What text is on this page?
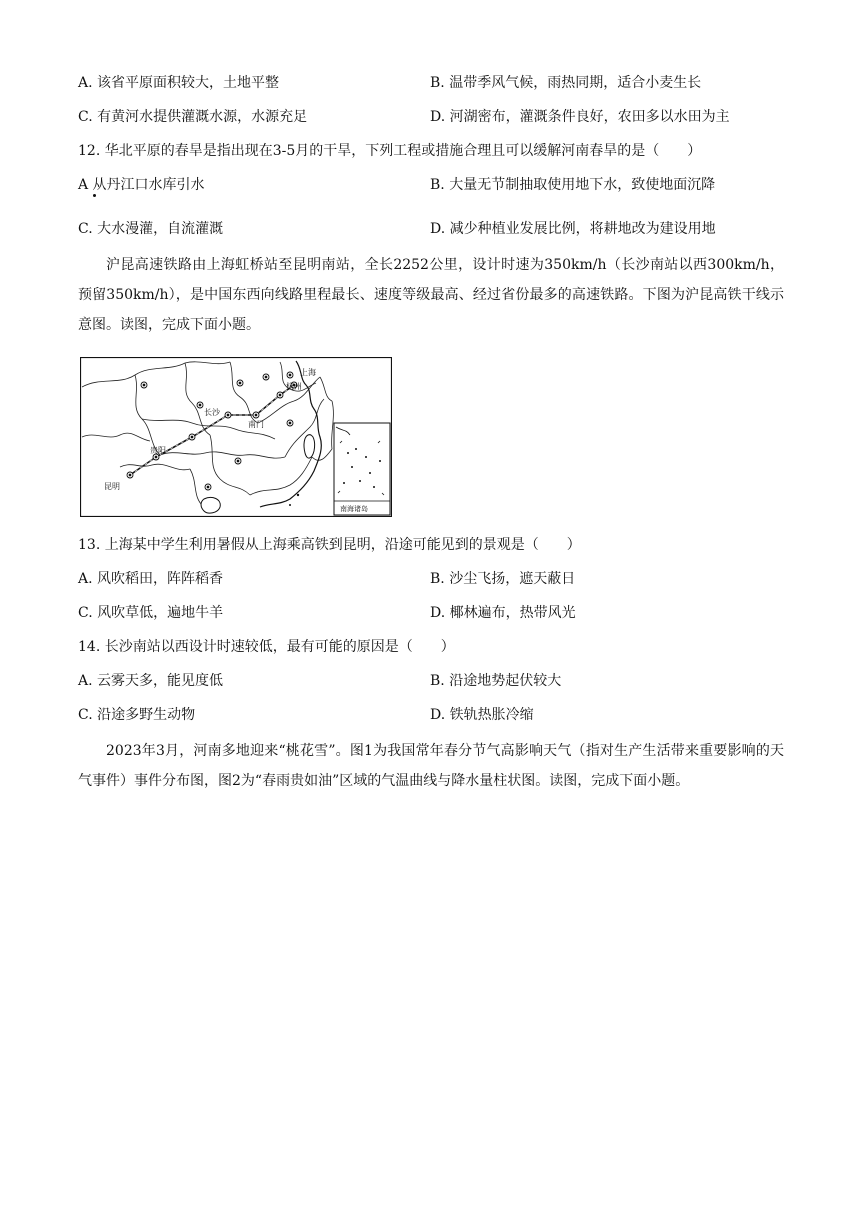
A. 该省平原面积较大，土地平整	B. 温带季风气候，雨热同期，适合小麦生长
C. 有黄河水提供灌溉水源，水源充足	D. 河湖密布，灌溉条件良好，农田多以水田为主
12. 华北平原的春旱是指出现在3-5月的干旱，下列工程或措施合理且可以缓解河南春旱的是（　　）
A 从丹江口水库引水	B. 大量无节制抽取使用地下水，致使地面沉降
C. 大水漫灌，自流灌溉	D. 减少种植业发展比例，将耕地改为建设用地
沪昆高速铁路由上海虹桥站至昆明南站，全长2252公里，设计时速为350km/h（长沙南站以西300km/h，预留350km/h），是中国东西向线路里程最长、速度等级最高、经过省份最多的高速铁路。下图为沪昆高铁干线示意图。读图，完成下面小题。
上海
杭州
长沙
南门
贵阳
昆明
南海诸岛
13. 上海某中学生利用暑假从上海乘高铁到昆明，沿途可能见到的景观是（　　）
A. 风吹稻田，阵阵稻香	B. 沙尘飞扬，遮天蔽日
C. 风吹草低，遍地牛羊	D. 椰林遍布，热带风光
14. 长沙南站以西设计时速较低，最有可能的原因是（　　）
A. 云雾天多，能见度低	B. 沿途地势起伏较大
C. 沿途多野生动物	D. 铁轨热胀冷缩
2023年3月，河南多地迎来“桃花雪”。图1为我国常年春分节气高影响天气（指对生产生活带来重要影响的天气事件）事件分布图，图2为“春雨贵如油”区域的气温曲线与降水量柱状图。读图，完成下面小题。
